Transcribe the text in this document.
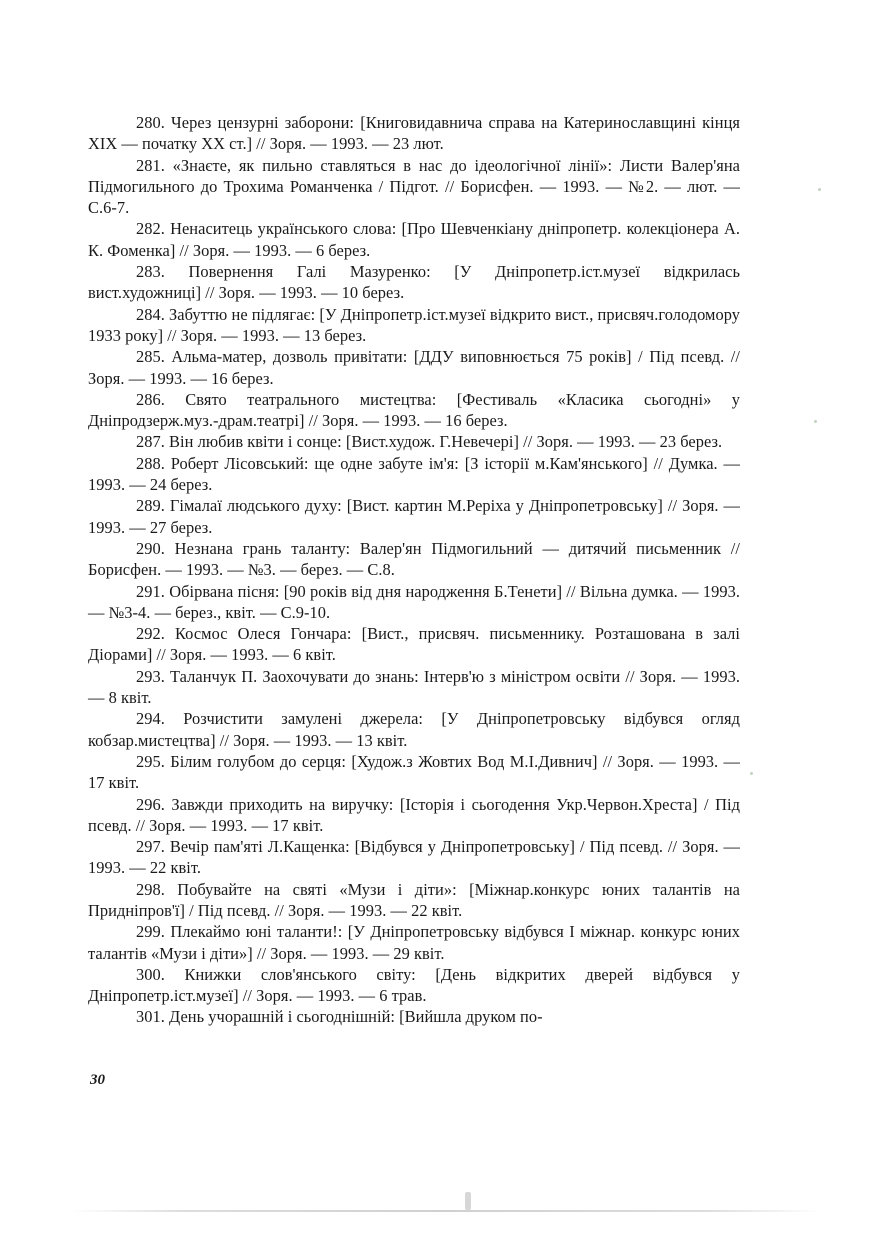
280. Через цензурні заборони: [Книговидавнича справа на Катеринославщині кінця XIX — початку XX ст.] // Зоря. — 1993. — 23 лют.

281. «Знаєте, як пильно ставляться в нас до ідеологічної лінії»: Листи Валер'яна Підмогильного до Трохима Романченка / Підгот. // Борисфен. — 1993. — №2. — лют. — С.6-7.

282. Ненаситець українського слова: [Про Шевченкіану дніпропетр. колекціонера А. К. Фоменка] // Зоря. — 1993. — 6 берез.

283. Повернення Галі Мазуренко: [У Дніпропетр.іст.музеї відкрилась вист.художниці] // Зоря. — 1993. — 10 берез.

284. Забуттю не підлягає: [У Дніпропетр.іст.музеї відкрито вист., присвяч.голодомору 1933 року] // Зоря. — 1993. — 13 берез.

285. Альма-матер, дозволь привітати: [ДДУ виповнюється 75 років] / Під псевд. // Зоря. — 1993. — 16 берез.

286. Свято театрального мистецтва: [Фестиваль «Класика сьогодні» у Дніпродзерж.муз.-драм.театрі] // Зоря. — 1993. — 16 берез.

287. Він любив квіти і сонце: [Вист.худож. Г.Невечері] // Зоря. — 1993. — 23 берез.

288. Роберт Лісовський: ще одне забуте ім'я: [З історії м.Кам'янського] // Думка. — 1993. — 24 берез.

289. Гімалаї людського духу: [Вист. картин М.Реріха у Дніпропетровську] // Зоря. — 1993. — 27 берез.

290. Незнана грань таланту: Валер'ян Підмогильний — дитячий письменник // Борисфен. — 1993. — №3. — берез. — С.8.

291. Обірвана пісня: [90 років від дня народження Б.Тенети] // Вільна думка. — 1993. — №3-4. — берез., квіт. — С.9-10.

292. Космос Олеся Гончара: [Вист., присвяч. письменнику. Розташована в залі Діорами] // Зоря. — 1993. — 6 квіт.

293. Таланчук П. Заохочувати до знань: Інтерв'ю з міністром освіти // Зоря. — 1993. — 8 квіт.

294. Розчистити замулені джерела: [У Дніпропетровську відбувся огляд кобзар.мистецтва] // Зоря. — 1993. — 13 квіт.

295. Білим голубом до серця: [Худож.з Жовтих Вод М.І.Дивнич] // Зоря. — 1993. — 17 квіт.

296. Завжди приходить на виручку: [Історія і сьогодення Укр.Червон.Хреста] / Під псевд. // Зоря. — 1993. — 17 квіт.

297. Вечір пам'яті Л.Кащенка: [Відбувся у Дніпропетровську] / Під псевд. // Зоря. — 1993. — 22 квіт.

298. Побувайте на святі «Музи і діти»: [Міжнар.конкурс юних талантів на Придніпров'ї] / Під псевд. // Зоря. — 1993. — 22 квіт.

299. Плекаймо юні таланти!: [У Дніпропетровську відбувся І міжнар. конкурс юних талантів «Музи і діти»] // Зоря. — 1993. — 29 квіт.

300. Книжки слов'янського світу: [День відкритих дверей відбувся у Дніпропетр.іст.музеї] // Зоря. — 1993. — 6 трав.

301. День учорашній і сьогоднішній: [Вийшла друком по-

30
